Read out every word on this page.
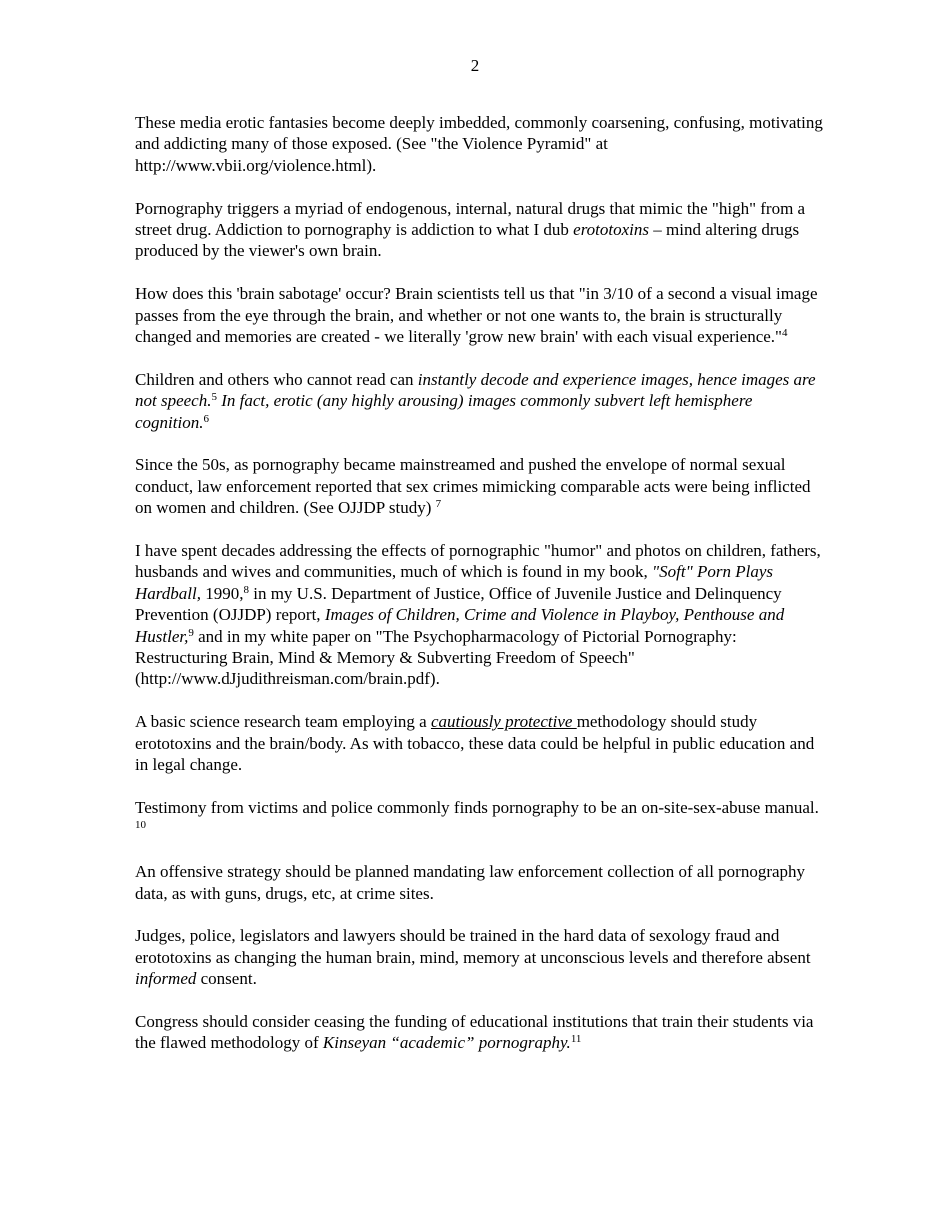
2

These media erotic fantasies become deeply imbedded, commonly coarsening, confusing, motivating and addicting many of those exposed. (See "the Violence Pyramid" at http://www.vbii.org/violence.html).

Pornography triggers a myriad of endogenous, internal, natural drugs that mimic the "high" from a street drug. Addiction to pornography is addiction to what I dub erototoxins – mind altering drugs produced by the viewer's own brain.

How does this 'brain sabotage' occur? Brain scientists tell us that "in 3/10 of a second a visual image passes from the eye through the brain, and whether or not one wants to, the brain is structurally changed and memories are created - we literally 'grow new brain' with each visual experience."$^4$

Children and others who cannot read can instantly decode and experience images, hence images are not speech.$^5$ In fact, erotic (any highly arousing) images commonly subvert left hemisphere cognition.$^6$

Since the 50s, as pornography became mainstreamed and pushed the envelope of normal sexual conduct, law enforcement reported that sex crimes mimicking comparable acts were being inflicted on women and children. (See OJJDP study) $^7$

I have spent decades addressing the effects of pornographic "humor" and photos on children, fathers, husbands and wives and communities, much of which is found in my book, "Soft" Porn Plays Hardball, 1990,$^8$ in my U.S. Department of Justice, Office of Juvenile Justice and Delinquency Prevention (OJJDP) report, Images of Children, Crime and Violence in Playboy, Penthouse and Hustler,$^9$ and in my white paper on "The Psychopharmacology of Pictorial Pornography: Restructuring Brain, Mind & Memory & Subverting Freedom of Speech" (http://www.dJjudithreisman.com/brain.pdf).

A basic science research team employing a cautiously protective methodology should study erototoxins and the brain/body. As with tobacco, these data could be helpful in public education and in legal change.

Testimony from victims and police commonly finds pornography to be an on-site-sex-abuse manual. $^{10}$

An offensive strategy should be planned mandating law enforcement collection of all pornography data, as with guns, drugs, etc, at crime sites.

Judges, police, legislators and lawyers should be trained in the hard data of sexology fraud and erototoxins as changing the human brain, mind, memory at unconscious levels and therefore absent informed consent.

Congress should consider ceasing the funding of educational institutions that train their students via the flawed methodology of Kinseyan “academic” pornography.$^{11}$
